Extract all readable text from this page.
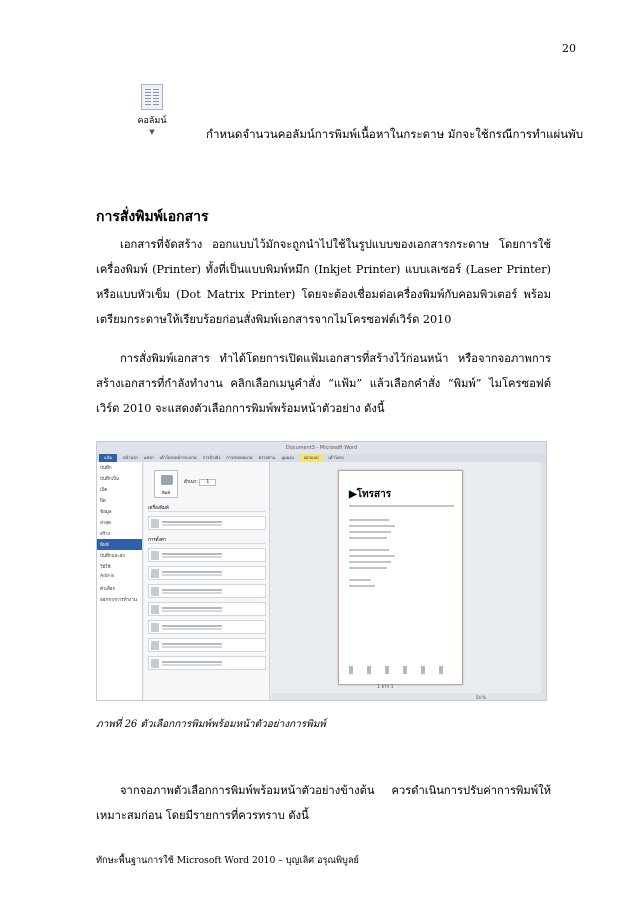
20
คอลัมน์
▼	กำหนดจำนวนคอลัมน์การพิมพ์เนื้อหาในกระดาษ มักจะใช้กรณีการทำแผ่นพับ
การสั่งพิมพ์เอกสาร
เอกสารที่จัดสร้าง ออกแบบไว้มักจะถูกนำไปใช้ในรูปแบบของเอกสารกระดาษ โดยการใช้เครื่องพิมพ์ (Printer) ทั้งที่เป็นแบบพิมพ์หมึก (Inkjet Printer) แบบเลเซอร์ (Laser Printer) หรือแบบหัวเข็ม (Dot Matrix Printer) โดยจะต้องเชื่อมต่อเครื่องพิมพ์กับคอมพิวเตอร์ พร้อมเตรียมกระดาษให้เรียบร้อยก่อนสั่งพิมพ์เอกสารจากไมโครซอฟต์เวิร์ด 2010
การสั่งพิมพ์เอกสาร ทำได้โดยการเปิดแฟ้มเอกสารที่สร้างไว้ก่อนหน้า หรือจากจอภาพการสร้างเอกสารที่กำลังทำงาน คลิกเลือกเมนูคำสั่ง “แฟ้ม” แล้วเลือกคำสั่ง “พิมพ์” ไมโครซอฟต์เวิร์ด 2010 จะแสดงตัวเลือกการพิมพ์พร้อมหน้าตัวอย่าง ดังนี้
Document3 - Microsoft Word
แฟ้ม	หน้าแรก แทรก เค้าโครงหน้ากระดาษ การอ้างอิง การส่งจดหมาย ตรวจทาน มุมมอง	ออกแบบ	เค้าโครง
บันทึก
บันทึกเป็น
เปิด
ปิด
ข้อมูล
ล่าสุด
สร้าง
พิมพ์
บันทึกและส่ง
วิธีใช้
Add-In
ตัวเลือก
ออกจากการทำงาน
พิมพ์
สำเนา: 1
เครื่องพิมพ์
การตั้งค่า
▶โทรสาร
1 จาก 1
54 %
ภาพที่ 26 ตัวเลือกการพิมพ์พร้อมหน้าตัวอย่างการพิมพ์
จากจอภาพตัวเลือกการพิมพ์พร้อมหน้าตัวอย่างข้างต้น ควรดำเนินการปรับค่าการพิมพ์ให้เหมาะสมก่อน โดยมีรายการที่ควรทราบ ดังนี้
ทักษะพื้นฐานการใช้ Microsoft Word 2010 – บุญเลิศ อรุณพิบูลย์
